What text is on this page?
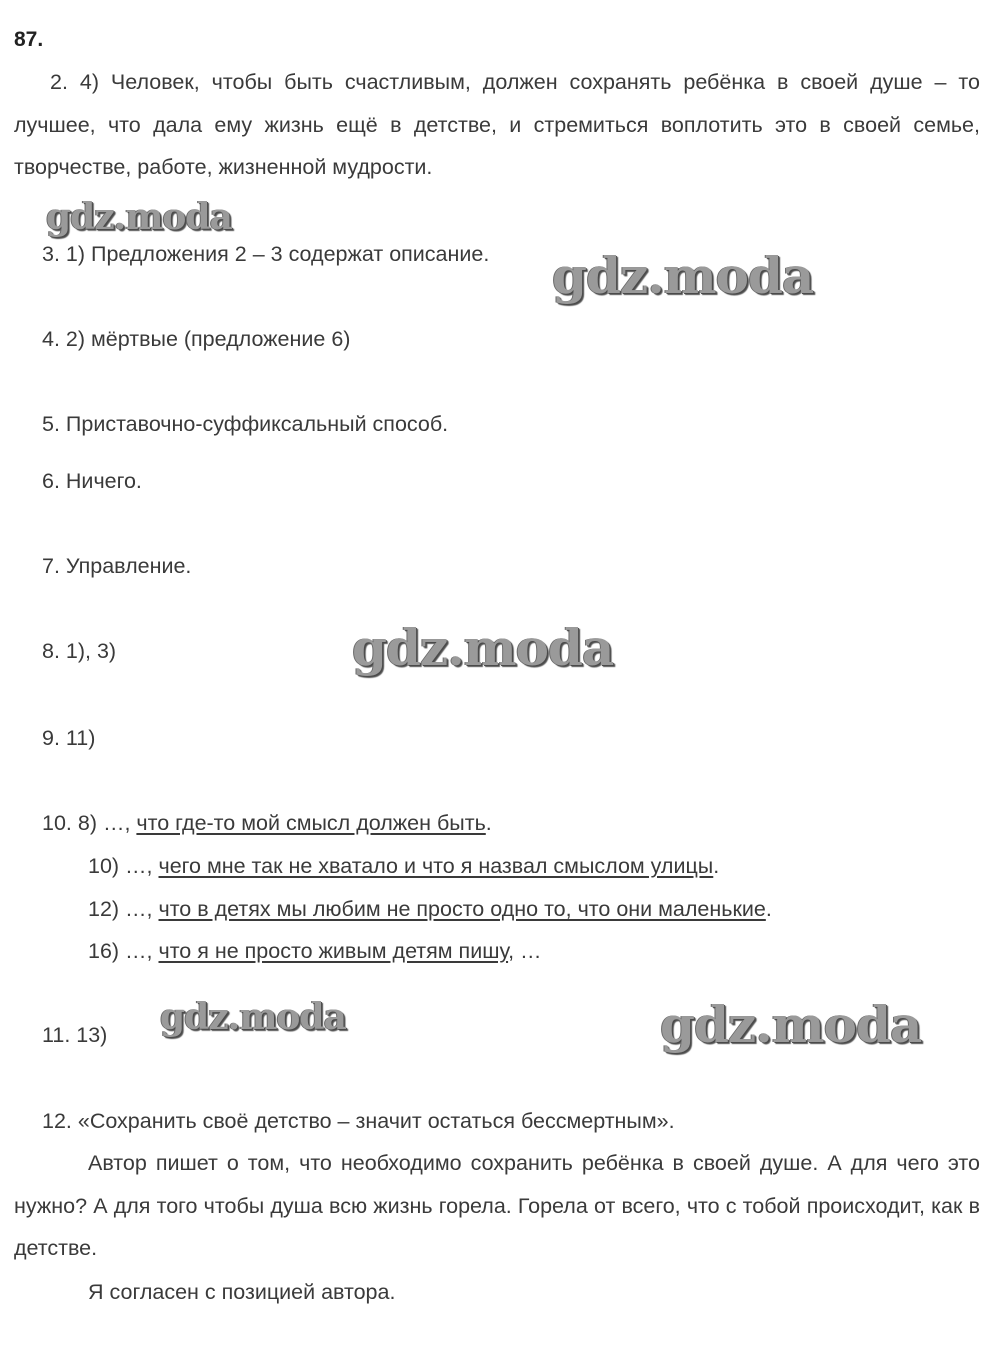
87.
2. 4) Человек, чтобы быть счастливым, должен сохранять ребёнка в своей душе – то лучшее, что дала ему жизнь ещё в детстве, и стремиться воплотить это в своей семье, творчестве, работе, жизненной мудрости.
gdz.moda
3. 1) Предложения 2 – 3 содержат описание. gdz.moda
4. 2) мёртвые (предложение 6)
5. Приставочно-суффиксальный способ.
6. Ничего.
7. Управление.
8. 1), 3)	gdz.moda
9. 11)
10. 8) …, что где-то мой смысл должен быть.
10) …, чего мне так не хватало и что я назвал смыслом улицы.
12) …, что в детях мы любим не просто одно то, что они маленькие.
16) …, что я не просто живым детям пишу, …
gdz.moda
11. 13)	gdz.moda
12. «Сохранить своё детство – значит остаться бессмертным».
Автор пишет о том, что необходимо сохранить ребёнка в своей душе. А для чего это нужно? А для того чтобы душа всю жизнь горела. Горела от всего, что с тобой происходит, как в детстве.
Я согласен с позицией автора.
